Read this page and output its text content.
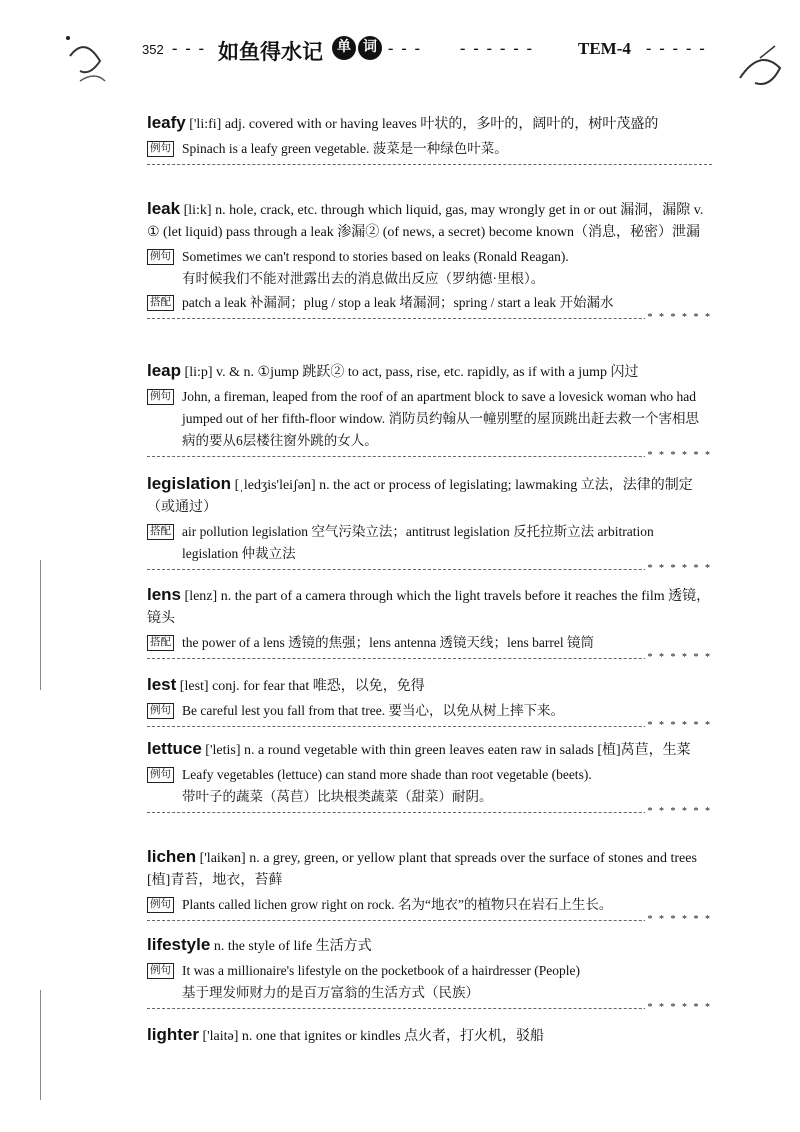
352 - - - 如鱼得水记	单 词 - - - - - - - - -	TEM-4 - - - - -

leafy ['li:fi] adj. covered with or having leaves 叶状的，多叶的，阔叶的，树叶茂盛的

例句 Spinach is a leafy green vegetable. 菠菜是一种绿色叶菜。

leak [li:k] n. hole, crack, etc. through which liquid, gas, may wrongly get in or out 漏洞，漏隙 v. ① (let liquid) pass through a leak 渗漏② (of news, a secret) become known（消息，秘密）泄漏

例句 Sometimes we can't respond to stories based on leaks (Ronald Reagan).
有时候我们不能对泄露出去的消息做出反应（罗纳德·里根）。
搭配 patch a leak 补漏洞；plug / stop a leak 堵漏洞；spring / start a leak 开始漏水
* * * * * *

leap [li:p] v. & n. ①jump 跳跃② to act, pass, rise, etc. rapidly, as if with a jump 闪过

例句 John, a fireman, leaped from the roof of an apartment block to save a lovesick woman who had jumped out of her fifth-floor window. 消防员约翰从一幢别墅的屋顶跳出赶去救一个害相思病的要从6层楼往窗外跳的女人。
* * * * * *

legislation [ˌledʒis'leiʃən] n. the act or process of legislating; lawmaking 立法，法律的制定（或通过）

搭配 air pollution legislation 空气污染立法；antitrust legislation 反托拉斯立法 arbitration legislation 仲裁立法
* * * * * *

lens [lenz] n. the part of a camera through which the light travels before it reaches the film 透镜，镜头

搭配 the power of a lens 透镜的焦强；lens antenna 透镜天线；lens barrel 镜筒
* * * * * *

lest [lest] conj. for fear that 唯恐，以免，免得

例句 Be careful lest you fall from that tree. 要当心，以免从树上摔下来。
* * * * * *

lettuce ['letis] n. a round vegetable with thin green leaves eaten raw in salads [植]莴苣，生菜

例句 Leafy vegetables (lettuce) can stand more shade than root vegetable (beets).
带叶子的蔬菜（莴苣）比块根类蔬菜（甜菜）耐阴。
* * * * * *

lichen ['laikən] n. a grey, green, or yellow plant that spreads over the surface of stones and trees [植]青苔，地衣，苔藓

例句 Plants called lichen grow right on rock. 名为“地衣”的植物只在岩石上生长。
* * * * * *

lifestyle n. the style of life 生活方式

例句 It was a millionaire's lifestyle on the pocketbook of a hairdresser (People)
基于理发师财力的是百万富翁的生活方式（民族）
* * * * * *

lighter ['laitə] n. one that ignites or kindles 点火者，打火机，驳船
